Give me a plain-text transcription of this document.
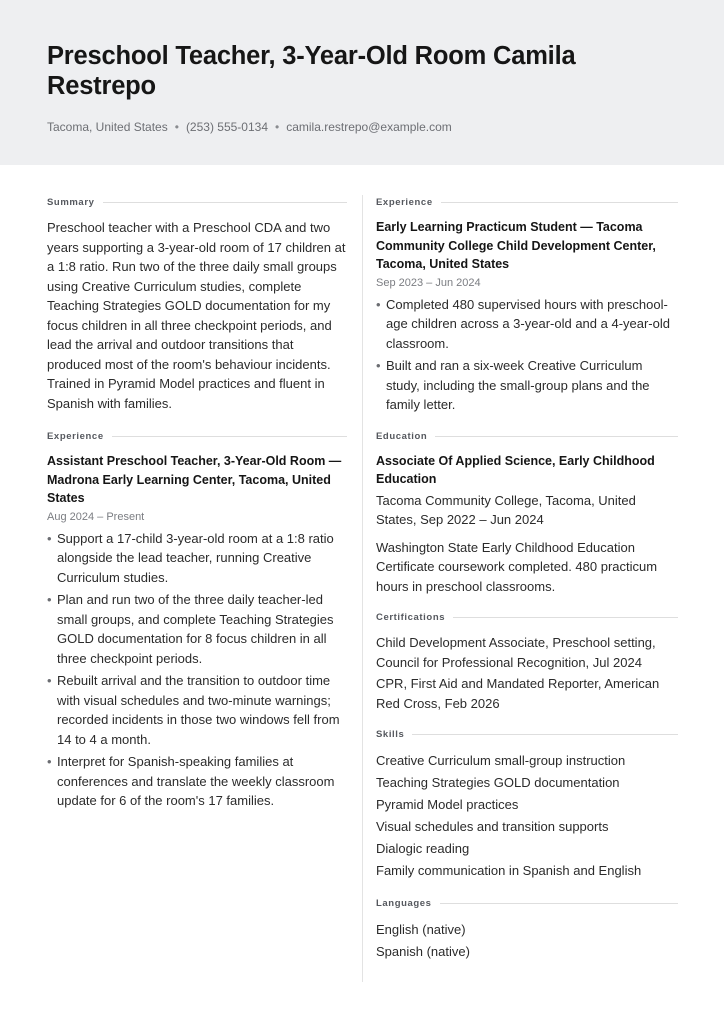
Preschool Teacher, 3-Year-Old Room Camila Restrepo
Tacoma, United States • (253) 555-0134 • camila.restrepo@example.com
Summary

Preschool teacher with a Preschool CDA and two years supporting a 3-year-old room of 17 children at a 1:8 ratio. Run two of the three daily small groups using Creative Curriculum studies, complete Teaching Strategies GOLD documentation for my focus children in all three checkpoint periods, and lead the arrival and outdoor transitions that produced most of the room's behaviour incidents. Trained in Pyramid Model practices and fluent in Spanish with families.

Experience
Assistant Preschool Teacher, 3-Year-Old Room — Madrona Early Learning Center, Tacoma, United States
Aug 2024 – Present
• Support a 17-child 3-year-old room at a 1:8 ratio alongside the lead teacher, running Creative Curriculum studies.
• Plan and run two of the three daily teacher-led small groups, and complete Teaching Strategies GOLD documentation for 8 focus children in all three checkpoint periods.
• Rebuilt arrival and the transition to outdoor time with visual schedules and two-minute warnings; recorded incidents in those two windows fell from 14 to 4 a month.
• Interpret for Spanish-speaking families at conferences and translate the weekly classroom update for 6 of the room's 17 families.
Experience
Early Learning Practicum Student — Tacoma Community College Child Development Center, Tacoma, United States
Sep 2023 – Jun 2024
• Completed 480 supervised hours with preschool-age children across a 3-year-old and a 4-year-old classroom.
• Built and ran a six-week Creative Curriculum study, including the small-group plans and the family letter.
Education
Associate Of Applied Science, Early Childhood Education
Tacoma Community College, Tacoma, United States, Sep 2022 – Jun 2024
Washington State Early Childhood Education Certificate coursework completed. 480 practicum hours in preschool classrooms.
Certifications
Child Development Associate, Preschool setting, Council for Professional Recognition, Jul 2024
CPR, First Aid and Mandated Reporter, American Red Cross, Feb 2026
Skills
Creative Curriculum small-group instruction
Teaching Strategies GOLD documentation
Pyramid Model practices
Visual schedules and transition supports
Dialogic reading
Family communication in Spanish and English
Languages
English (native)
Spanish (native)
